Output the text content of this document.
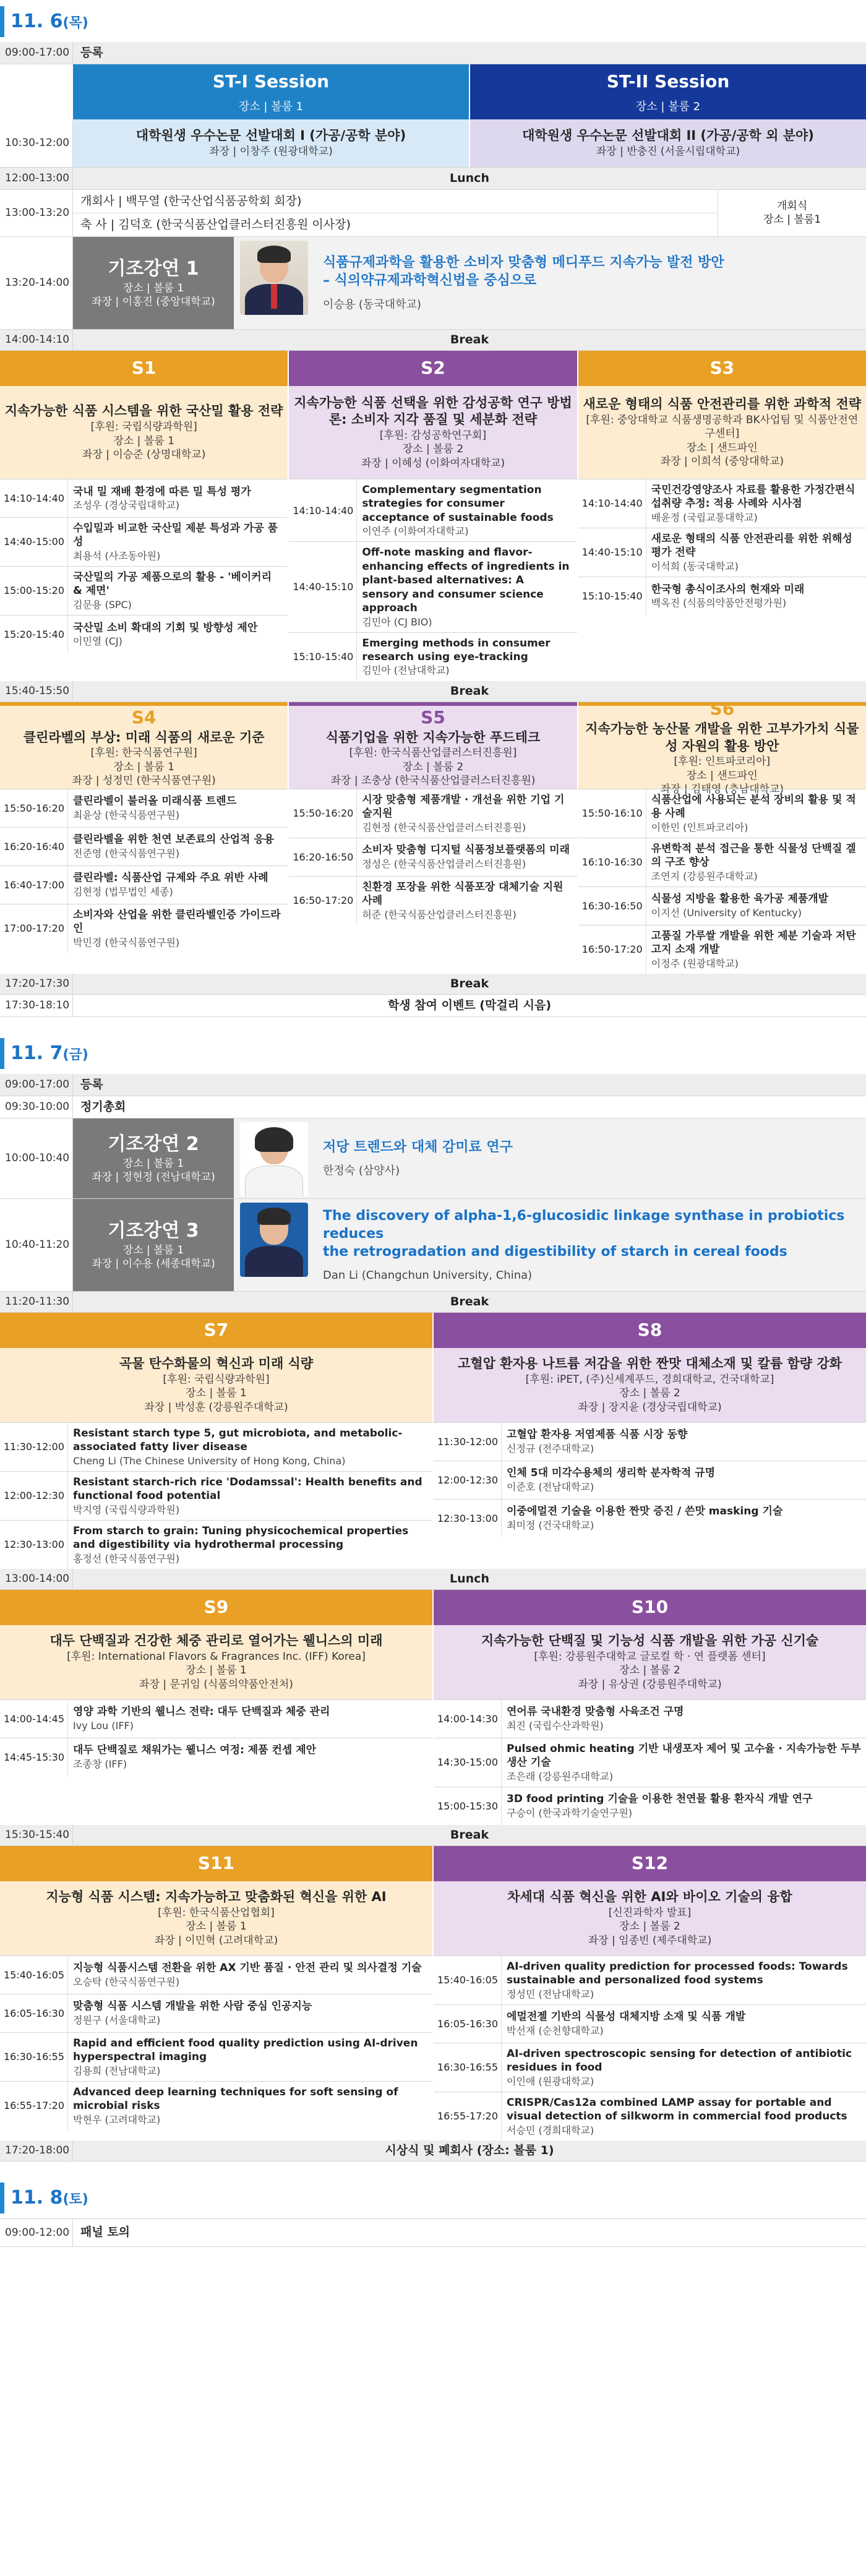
11. 6(목)
09:00-17:00 등록
ST-I Session
장소 | 볼룸 1
ST-II Session
장소 | 볼룸 2
10:30-12:00	대학원생 우수논문 선발대회 I (가공/공학 분야)
좌장 | 이창주 (원광대학교)
대학원생 우수논문 선발대회 II (가공/공학 외 분야)
좌장 | 반충진 (서울시립대학교)
12:00-13:00	Lunch
13:00-13:20
개회사 | 백무열 (한국산업식품공학회 회장)
축 사 | 김덕호 (한국식품산업클러스터진흥원 이사장)
개회식
장소 | 볼룸1
13:20-14:00
기조강연 1
장소 | 볼룸 1
좌장 | 이홍진 (중앙대학교)
식품규제과학을 활용한 소비자 맞춤형 메디푸드 지속가능 발전 방안
– 식의약규제과학혁신법을 중심으로
이승용 (동국대학교)
14:00-14:10	Break
S1
지속가능한 식품 시스템을 위한 국산밀 활용 전략
[후원: 국립식량과학원]
장소 | 볼룸 1
좌장 | 이승준 (상명대학교)
14:10-14:40
국내 밀 재배 환경에 따른 밀 특성 평가
조성우 (경상국립대학교)
14:40-15:00
수입밀과 비교한 국산밀 제분 특성과 가공 품성
최용석 (사조동아원)
15:00-15:20
국산밀의 가공 제품으로의 활용 - '베이커리 & 제면'
김문용 (SPC)
15:20-15:40
국산밀 소비 확대의 기회 및 방향성 제안
이민열 (CJ)
S2
지속가능한 식품 선택을 위한 감성공학 연구 방법론: 소비자 지각 품질 및 세분화 전략
[후원: 감성공학연구회]
장소 | 볼룸 2
좌장 | 이혜성 (이화여자대학교)
14:10-14:40
Complementary segmentation strategies for consumer acceptance of sustainable foods
이연주 (이화여자대학교)
14:40-15:10
Off-note masking and flavor-enhancing effects of ingredients in plant-based alternatives: A sensory and consumer science approach
김민아 (CJ BIO)
15:10-15:40
Emerging methods in consumer research using eye-tracking
김민아 (전남대학교)
S3
새로운 형태의 식품 안전관리를 위한 과학적 전략
[후원: 중앙대학교 식품생명공학과 BK사업팀 및 식품안전연구센터]
장소 | 샌드파인
좌장 | 이희석 (중앙대학교)
14:10-14:40
국민건강영양조사 자료를 활용한 가정간편식 섭취량 추정: 적용 사례와 시사점
배윤정 (국립교통대학교)
14:40-15:10
새로운 형태의 식품 안전관리를 위한 위해성 평가 전략
이석희 (동국대학교)
15:10-15:40
한국형 총식이조사의 현재와 미래
백옥진 (식품의약품안전평가원)
15:40-15:50	Break
S4
클린라벨의 부상: 미래 식품의 새로운 기준
[후원: 한국식품연구원]
장소 | 볼룸 1
좌장 | 성정민 (한국식품연구원)
15:50-16:20
클린라벨이 불러올 미래식품 트렌드
최윤상 (한국식품연구원)
16:20-16:40
클린라벨을 위한 천연 보존료의 산업적 응용
전준영 (한국식품연구원)
16:40-17:00
클린라벨: 식품산업 규제와 주요 위반 사례
김현정 (법무법인 세종)
17:00-17:20
소비자와 산업을 위한 클린라벨인증 가이드라인
박민경 (한국식품연구원)
S5
식품기업을 위한 지속가능한 푸드테크
[후원: 한국식품산업클러스터진흥원]
장소 | 볼룸 2
좌장 | 조충상 (한국식품산업클러스터진흥원)
15:50-16:20
시장 맞춤형 제품개발 · 개선을 위한 기업 기술지원
김현정 (한국식품산업클러스터진흥원)
16:20-16:50
소비자 맞춤형 디지털 식품정보플랫폼의 미래
정성은 (한국식품산업클러스터진흥원)
16:50-17:20
친환경 포장을 위한 식품포장 대체기술 지원 사례
허준 (한국식품산업클러스터진흥원)
S6
지속가능한 농산물 개발을 위한 고부가가치 식물성 자원의 활용 방안
[후원: 인트파코리아]
장소 | 샌드파인
좌장 | 김태영 (충남대학교)
15:50-16:10
식품산업에 사용되는 분석 장비의 활용 및 적용 사례
이한민 (인트파코리아)
16:10-16:30
유변학적 분석 접근을 통한 식물성 단백질 겔의 구조 향상
조연지 (강릉원주대학교)
16:30-16:50
식물성 지방을 활용한 육가공 제품개발
이지선 (University of Kentucky)
16:50-17:20
고품질 가루쌀 개발을 위한 제분 기술과 저탄고지 소재 개발
이정주 (원광대학교)
17:20-17:30	Break
17:30-18:10	학생 참여 이벤트 (막걸리 시음)
11. 7(금)
09:00-17:00 등록
09:30-10:00 정기총회
10:00-10:40
기조강연 2
장소 | 볼룸 1
좌장 | 정현정 (전남대학교)
저당 트렌드와 대체 감미료 연구
한정숙 (삼양사)
10:40-11:20
기조강연 3
장소 | 볼룸 1
좌장 | 이수용 (세종대학교)
The discovery of alpha-1,6-glucosidic linkage synthase in probiotics reduces
the retrogradation and digestibility of starch in cereal foods
Dan Li (Changchun University, China)
11:20-11:30	Break
S7
곡물 탄수화물의 혁신과 미래 식량
[후원: 국립식량과학원]
장소 | 볼룸 1
좌장 | 박성훈 (강릉원주대학교)
11:30-12:00
Resistant starch type 5, gut microbiota, and metabolic-associated fatty liver disease
Cheng Li (The Chinese University of Hong Kong, China)
12:00-12:30
Resistant starch-rich rice 'Dodamssal': Health benefits and functional food potential
박지영 (국립식량과학원)
12:30-13:00
From starch to grain: Tuning physicochemical properties and digestibility via hydrothermal processing
홍정선 (한국식품연구원)
S8
고혈압 환자용 나트륨 저감을 위한 짠맛 대체소재 및 칼륨 함량 강화
[후원: iPET, (주)신세계푸드, 경희대학교, 건국대학교]
장소 | 볼룸 2
좌장 | 장지윤 (경상국립대학교)
11:30-12:00
고혈압 환자용 저염제품 식품 시장 동향
신정규 (전주대학교)
12:00-12:30
인체 5대 미각수용체의 생리학 분자학적 규명
이준호 (전남대학교)
12:30-13:00
이중에멀젼 기술을 이용한 짠맛 증진 / 쓴맛 masking 기술
최미정 (건국대학교)
13:00-14:00	Lunch
S9
대두 단백질과 건강한 체중 관리로 열어가는 웰니스의 미래
[후원: International Flavors & Fragrances Inc. (IFF) Korea]
장소 | 볼룸 1
좌장 | 문귀임 (식품의약품안전처)
14:00-14:45
영양 과학 기반의 웰니스 전략: 대두 단백질과 체중 관리
Ivy Lou (IFF)
14:45-15:30
대두 단백질로 채워가는 웰니스 여정: 제품 컨셉 제안
조종창 (IFF)
S10
지속가능한 단백질 및 기능성 식품 개발을 위한 가공 신기술
[후원: 강릉원주대학교 글로컬 학 · 연 플랫폼 센터]
장소 | 볼룸 2
좌장 | 유상권 (강릉원주대학교)
14:00-14:30
연어류 국내환경 맞춤형 사육조건 구명
최진 (국립수산과학원)
14:30-15:00
Pulsed ohmic heating 기반 내생포자 제어 및 고수율 · 지속가능한 두부 생산 기술
조은래 (강릉원주대학교)
15:00-15:30
3D food printing 기술을 이용한 천연물 활용 환자식 개발 연구
구승이 (한국과학기술연구원)
15:30-15:40	Break
S11
지능형 식품 시스템: 지속가능하고 맞춤화된 혁신을 위한 AI
[후원: 한국식품산업협회]
장소 | 볼룸 1
좌장 | 이민혁 (고려대학교)
15:40-16:05
지능형 식품시스템 전환을 위한 AX 기반 품질 · 안전 관리 및 의사결정 기술
오승탁 (한국식품연구원)
16:05-16:30
맞춤형 식품 시스템 개발을 위한 사람 중심 인공지능
정원구 (서울대학교)
16:30-16:55
Rapid and efficient food quality prediction using AI-driven hyperspectral imaging
김용희 (전남대학교)
16:55-17:20
Advanced deep learning techniques for soft sensing of microbial risks
박현우 (고려대학교)
S12
차세대 식품 혁신을 위한 AI와 바이오 기술의 융합
[신진과학자 발표]
장소 | 볼룸 2
좌장 | 임종빈 (제주대학교)
15:40-16:05
AI-driven quality prediction for processed foods: Towards sustainable and personalized food systems
정성민 (전남대학교)
16:05-16:30
에멀전젤 기반의 식물성 대체지방 소재 및 식품 개발
박선재 (순천향대학교)
16:30-16:55
AI-driven spectroscopic sensing for detection of antibiotic residues in food
이인애 (원광대학교)
16:55-17:20
CRISPR/Cas12a combined LAMP assay for portable and visual detection of silkworm in commercial food products
서승민 (경희대학교)
17:20-18:00	시상식 및 폐회사 (장소: 볼룸 1)
11. 8(토)
09:00-12:00 패널 토의
